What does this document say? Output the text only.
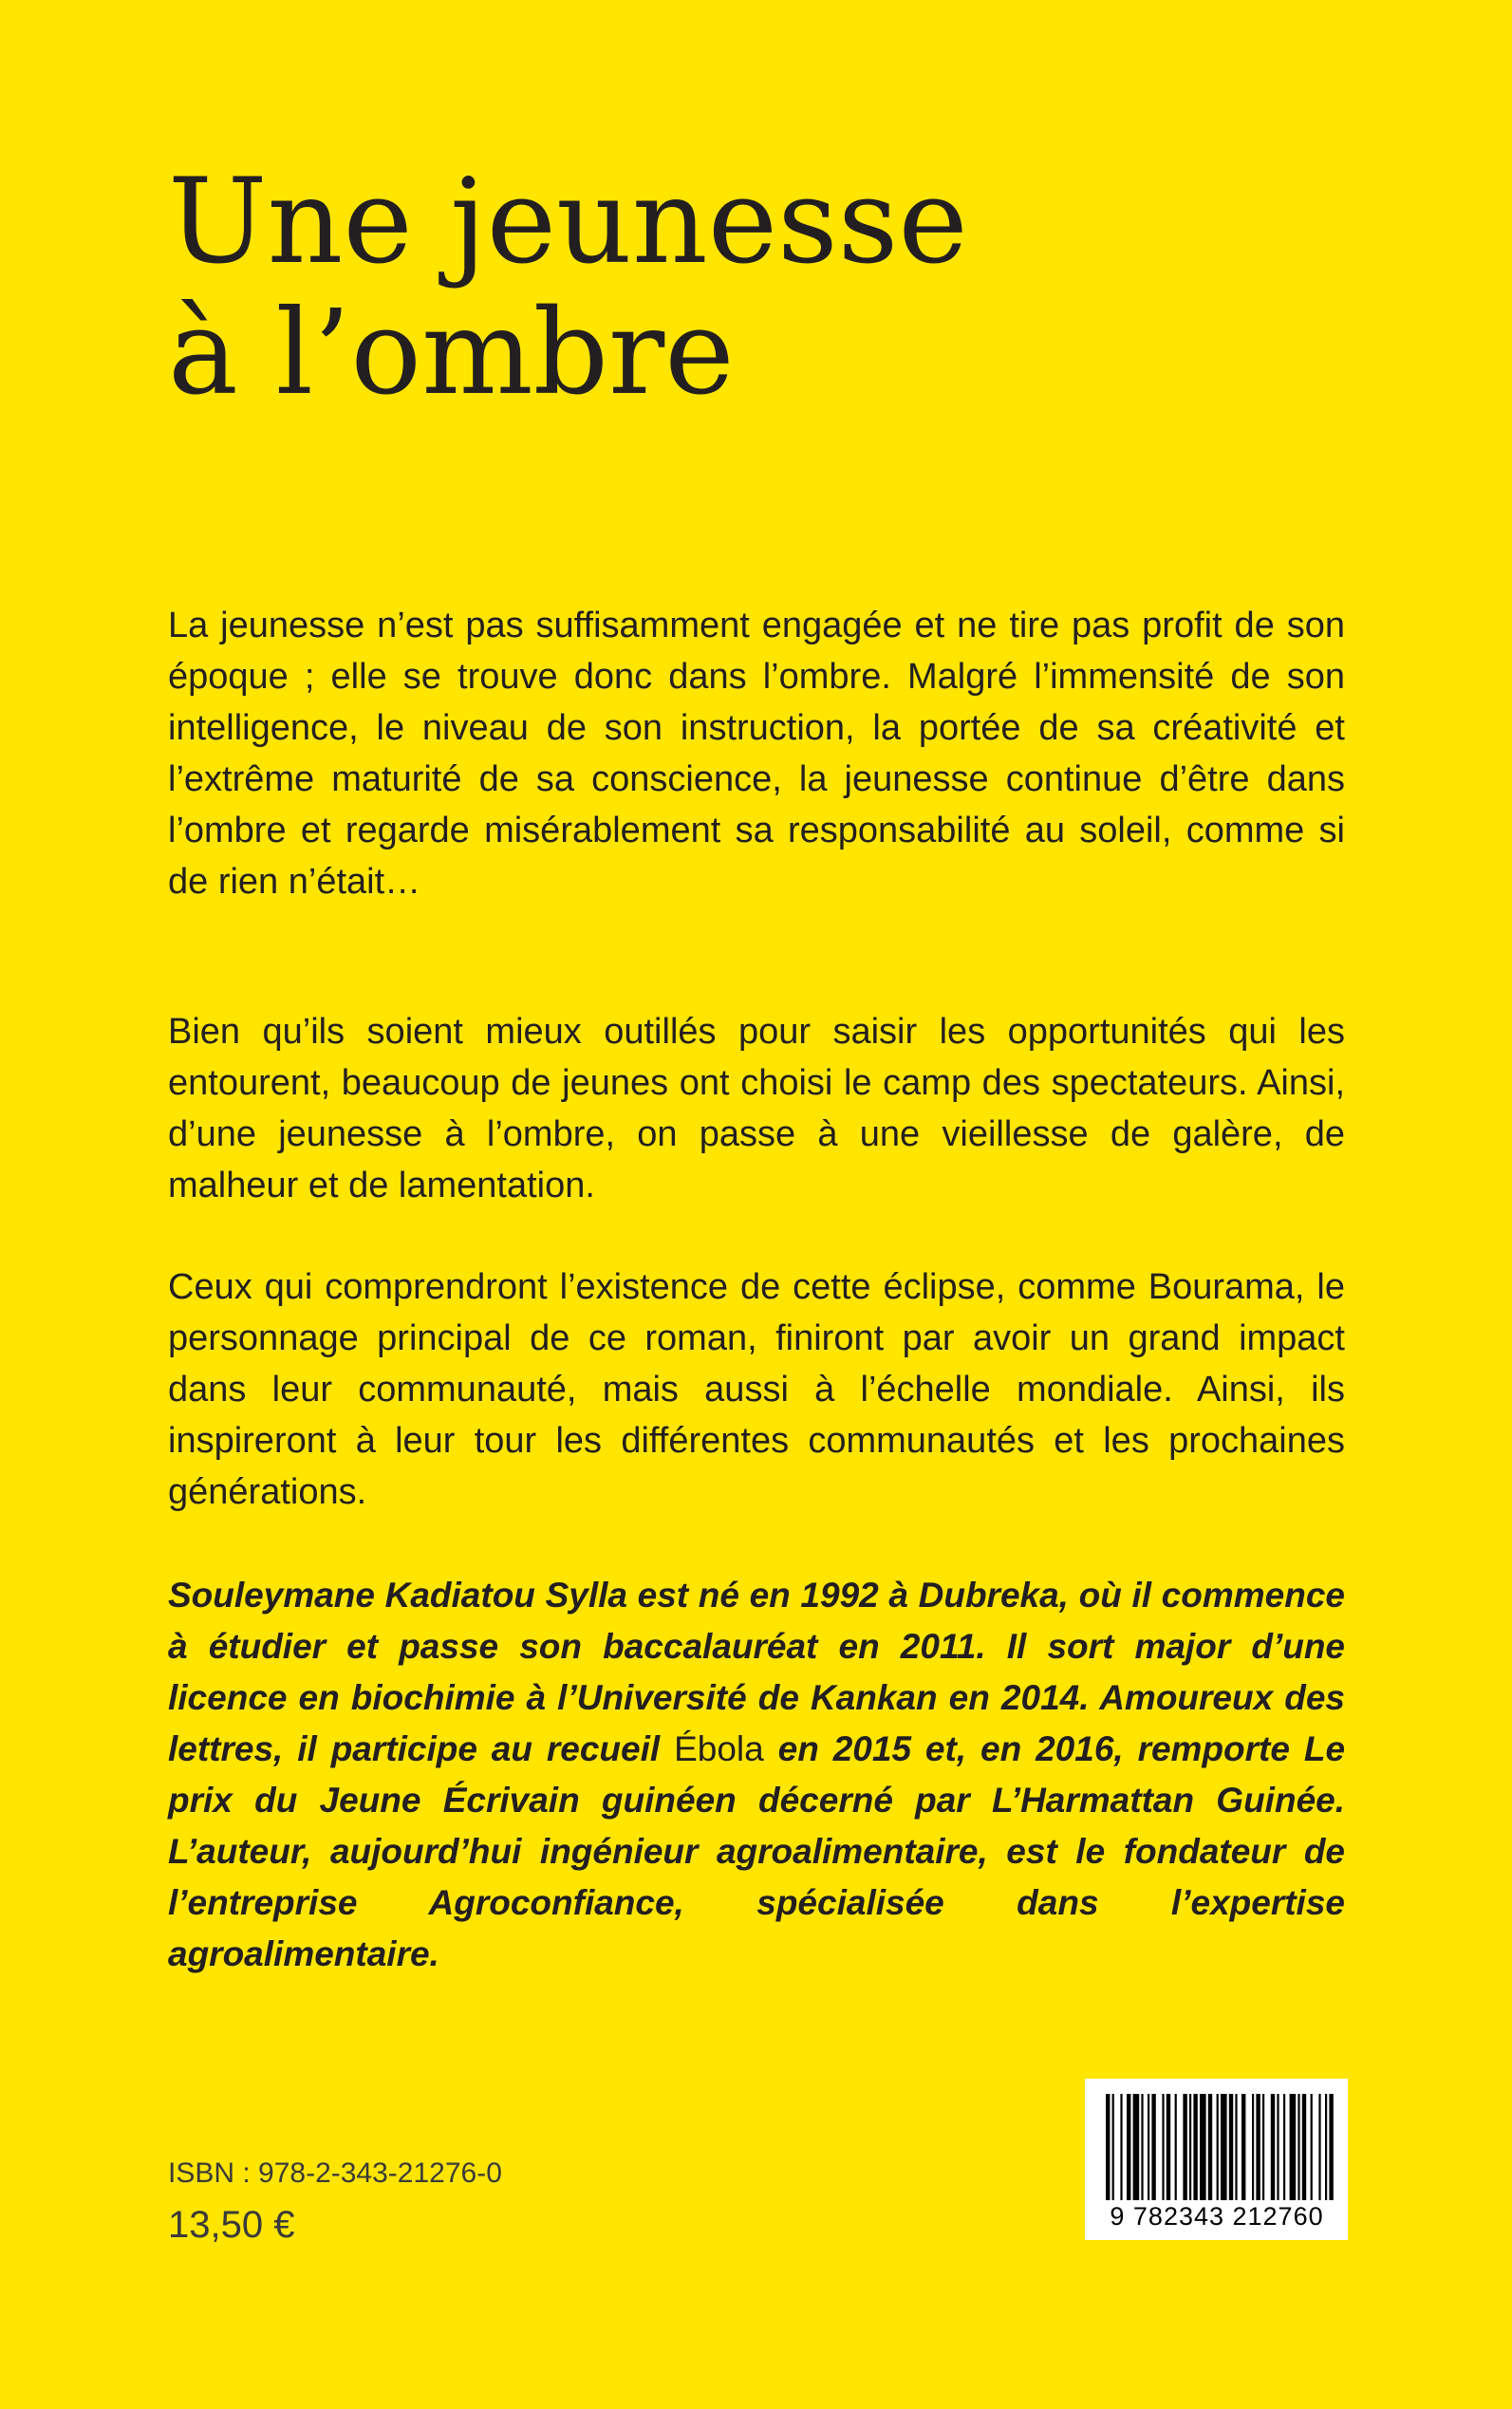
Une jeunesse
à l’ombre

La jeunesse n’est pas suffisamment engagée et ne tire pas profit de son époque ; elle se trouve donc dans l’ombre. Malgré l’immensité de son intelligence, le niveau de son instruction, la portée de sa créativité et l’extrême maturité de sa conscience, la jeunesse continue d’être dans l’ombre et regarde misérablement sa responsabilité au soleil, comme si de rien n’était…

Bien qu’ils soient mieux outillés pour saisir les opportunités qui les entourent, beaucoup de jeunes ont choisi le camp des spectateurs. Ainsi, d’une jeunesse à l’ombre, on passe à une vieillesse de galère, de malheur et de lamentation.

Ceux qui comprendront l’existence de cette éclipse, comme Bourama, le personnage principal de ce roman, finiront par avoir un grand impact dans leur communauté, mais aussi à l’échelle mondiale. Ainsi, ils inspireront à leur tour les différentes communautés et les prochaines générations.

Souleymane Kadiatou Sylla est né en 1992 à Dubreka, où il commence à étudier et passe son baccalauréat en 2011. Il sort major d’une licence en biochimie à l’Université de Kankan en 2014. Amoureux des lettres, il participe au recueil Ébola en 2015 et, en 2016, remporte Le prix du Jeune Écrivain guinéen décerné par L’Harmattan Guinée. L’auteur, aujourd’hui ingénieur agroalimentaire, est le fondateur de l’entreprise Agroconfiance, spécialisée dans l’expertise agroalimentaire.

ISBN : 978-2-343-21276-0
13,50 €	9 782343 212760
